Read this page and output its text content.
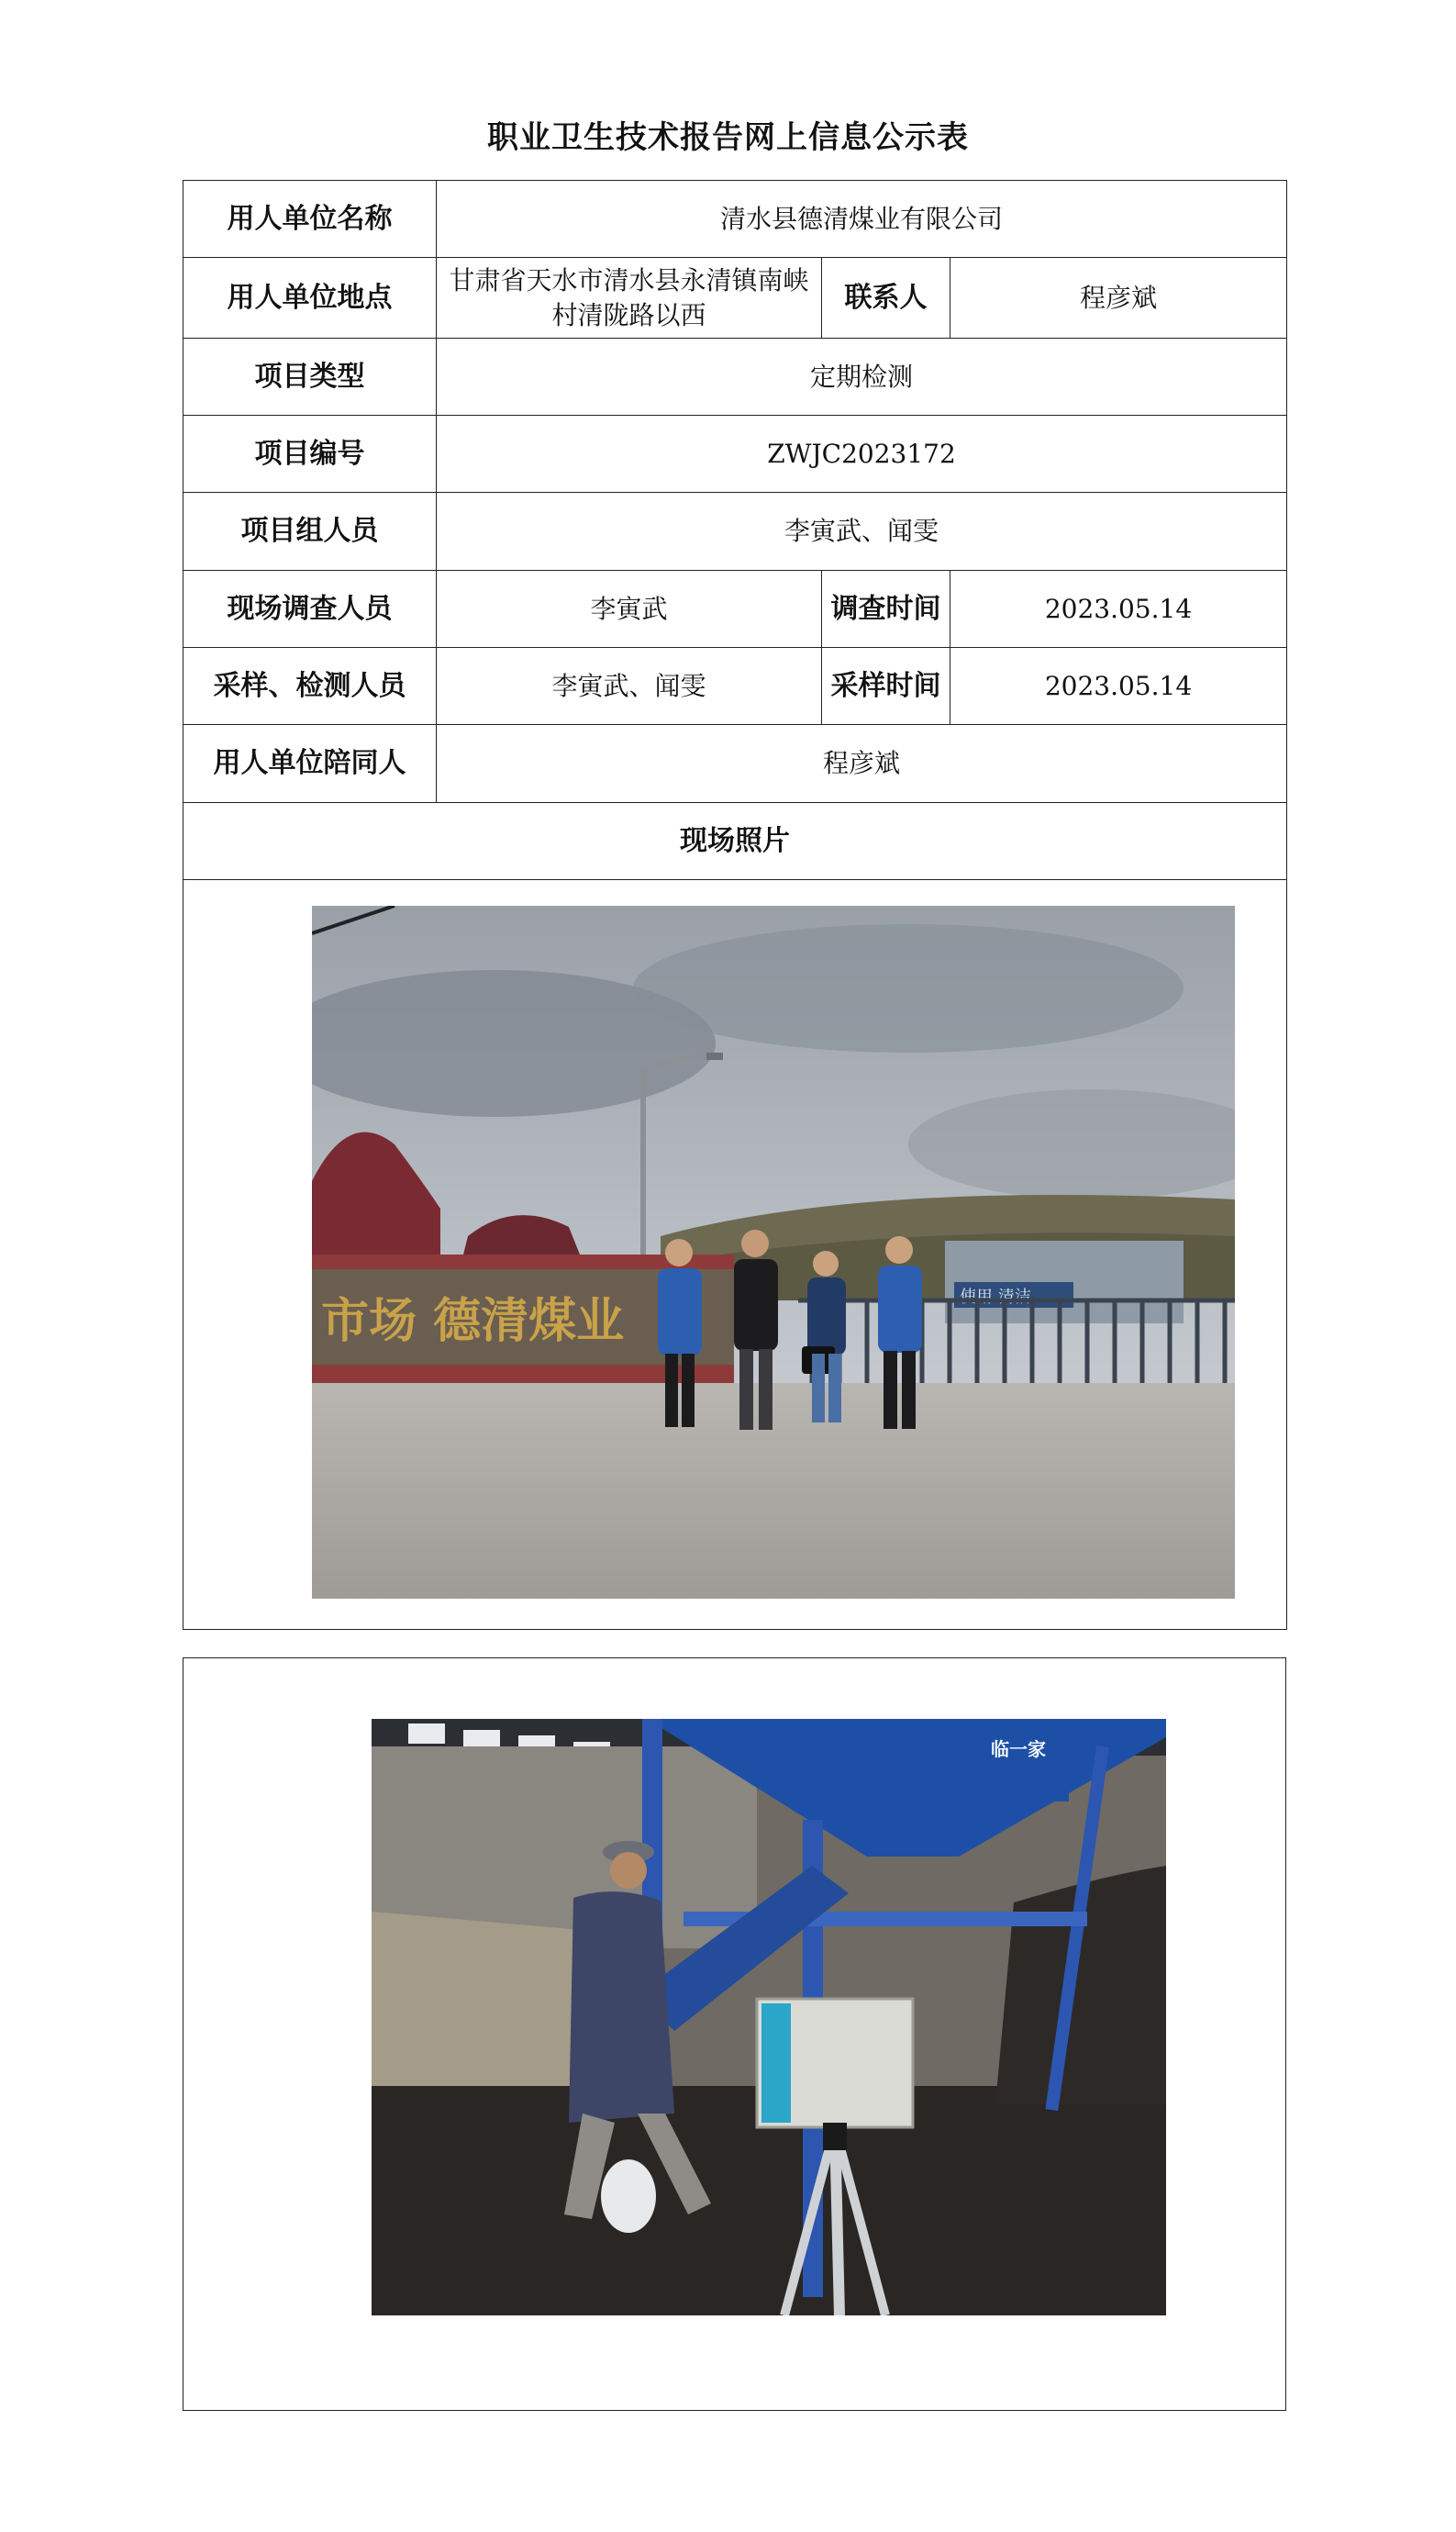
职业卫生技术报告网上信息公示表
用人单位名称	清水县德清煤业有限公司		
用人单位地点	甘肃省天水市清水县永清镇南峡村清陇路以西	联系人	程彦斌
项目类型	定期检测		
项目编号	ZWJC2023172		
项目组人员	李寅武、闻雯		
现场调查人员	李寅武	调查时间	2023.05.14
采样、检测人员	李寅武、闻雯	采样时间	2023.05.14
用人单位陪同人	程彦斌		
现场照片			

市场 德清煤业	使用 清洁
临一家
